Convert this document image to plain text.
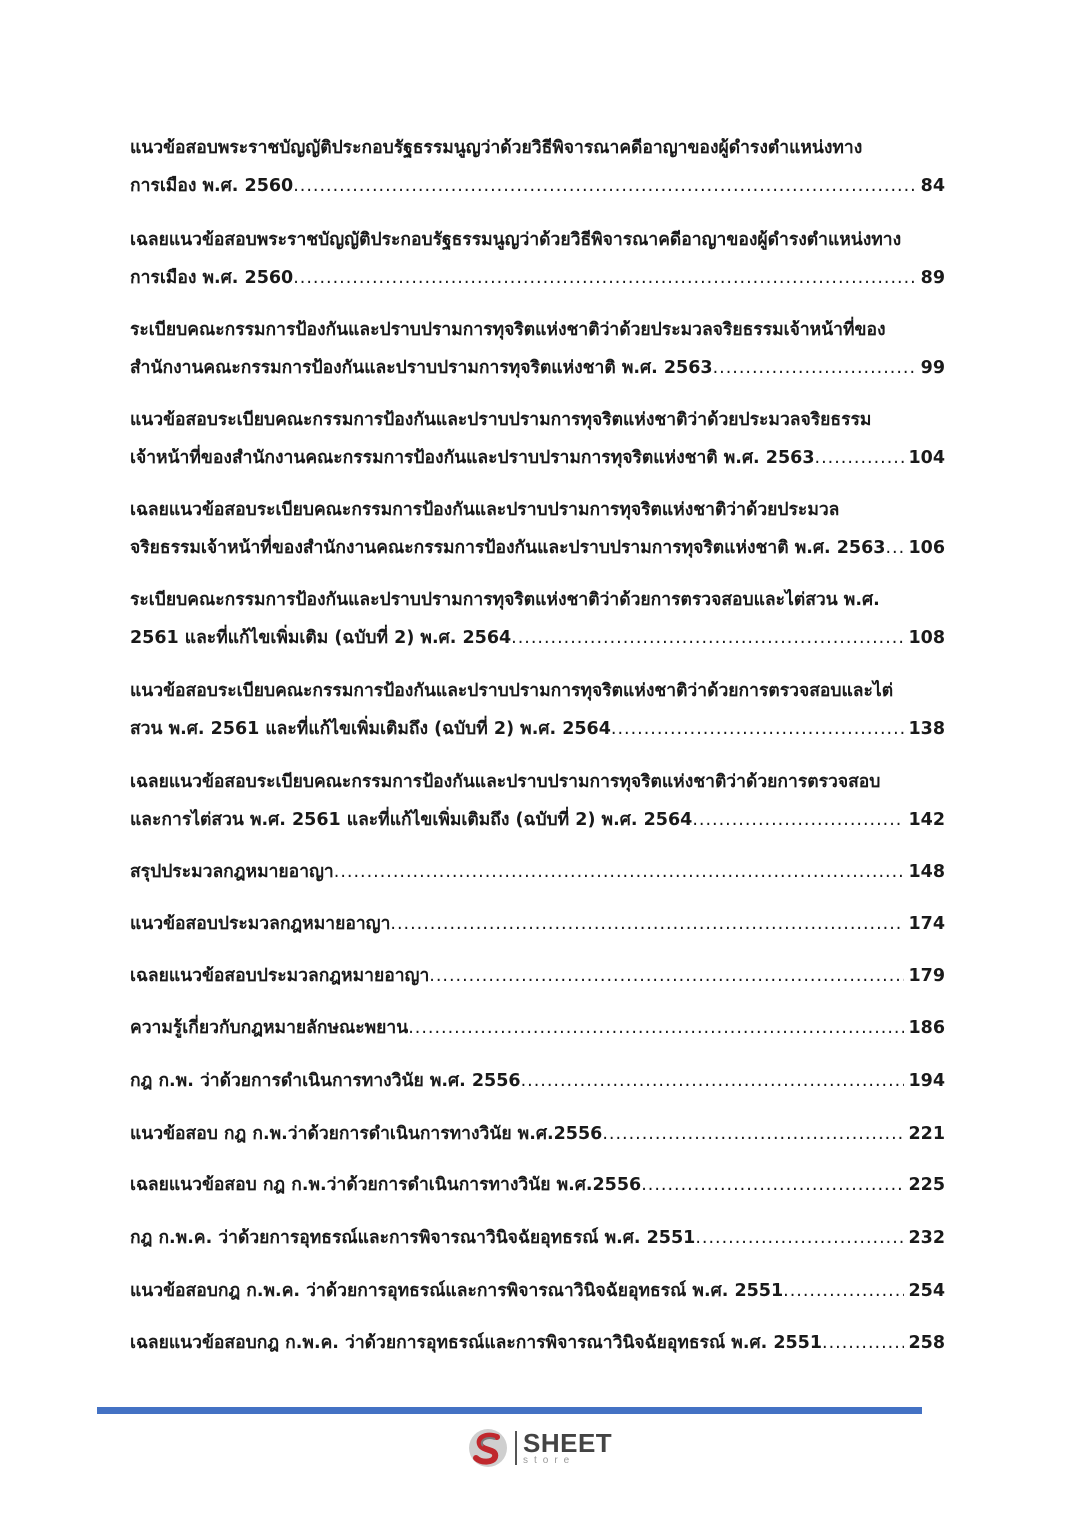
แนวข้อสอบพระราชบัญญัติประกอบรัฐธรรมนูญว่าด้วยวิธีพิจารณาคดีอาญาของผู้ดำรงตำแหน่งทาง
การเมือง พ.ศ. 2560 .....	84
เฉลยแนวข้อสอบพระราชบัญญัติประกอบรัฐธรรมนูญว่าด้วยวิธีพิจารณาคดีอาญาของผู้ดำรงตำแหน่งทาง
การเมือง พ.ศ. 2560 .....	89
ระเบียบคณะกรรมการป้องกันและปราบปรามการทุจริตแห่งชาติว่าด้วยประมวลจริยธรรมเจ้าหน้าที่ของ
สำนักงานคณะกรรมการป้องกันและปราบปรามการทุจริตแห่งชาติ พ.ศ. 2563 .....	99
แนวข้อสอบระเบียบคณะกรรมการป้องกันและปราบปรามการทุจริตแห่งชาติว่าด้วยประมวลจริยธรรม
เจ้าหน้าที่ของสำนักงานคณะกรรมการป้องกันและปราบปรามการทุจริตแห่งชาติ พ.ศ. 2563 .....	104
เฉลยแนวข้อสอบระเบียบคณะกรรมการป้องกันและปราบปรามการทุจริตแห่งชาติว่าด้วยประมวล
จริยธรรมเจ้าหน้าที่ของสำนักงานคณะกรรมการป้องกันและปราบปรามการทุจริตแห่งชาติ พ.ศ. 2563 ..... 106
ระเบียบคณะกรรมการป้องกันและปราบปรามการทุจริตแห่งชาติว่าด้วยการตรวจสอบและไต่สวน พ.ศ.
2561 และที่แก้ไขเพิ่มเติม (ฉบับที่ 2) พ.ศ. 2564 .....	108
แนวข้อสอบระเบียบคณะกรรมการป้องกันและปราบปรามการทุจริตแห่งชาติว่าด้วยการตรวจสอบและไต่
สวน พ.ศ. 2561 และที่แก้ไขเพิ่มเติมถึง (ฉบับที่ 2) พ.ศ. 2564 .....	138
เฉลยแนวข้อสอบระเบียบคณะกรรมการป้องกันและปราบปรามการทุจริตแห่งชาติว่าด้วยการตรวจสอบ
และการไต่สวน พ.ศ. 2561 และที่แก้ไขเพิ่มเติมถึง (ฉบับที่ 2) พ.ศ. 2564 .....	142
สรุปประมวลกฎหมายอาญา .....	148
แนวข้อสอบประมวลกฎหมายอาญา .....	174
เฉลยแนวข้อสอบประมวลกฎหมายอาญา .....	179
ความรู้เกี่ยวกับกฎหมายลักษณะพยาน .....	186
กฎ ก.พ. ว่าด้วยการดำเนินการทางวินัย พ.ศ. 2556 .....	194
แนวข้อสอบ กฎ ก.พ.ว่าด้วยการดำเนินการทางวินัย พ.ศ.2556 .....	221
เฉลยแนวข้อสอบ กฎ ก.พ.ว่าด้วยการดำเนินการทางวินัย พ.ศ.2556 .....	225
กฎ ก.พ.ค. ว่าด้วยการอุทธรณ์และการพิจารณาวินิจฉัยอุทธรณ์ พ.ศ. 2551 .....	232
แนวข้อสอบกฎ ก.พ.ค. ว่าด้วยการอุทธรณ์และการพิจารณาวินิจฉัยอุทธรณ์ พ.ศ. 2551 .....	254
เฉลยแนวข้อสอบกฎ ก.พ.ค. ว่าด้วยการอุทธรณ์และการพิจารณาวินิจฉัยอุทธรณ์ พ.ศ. 2551 .....	258
SHEET
store
